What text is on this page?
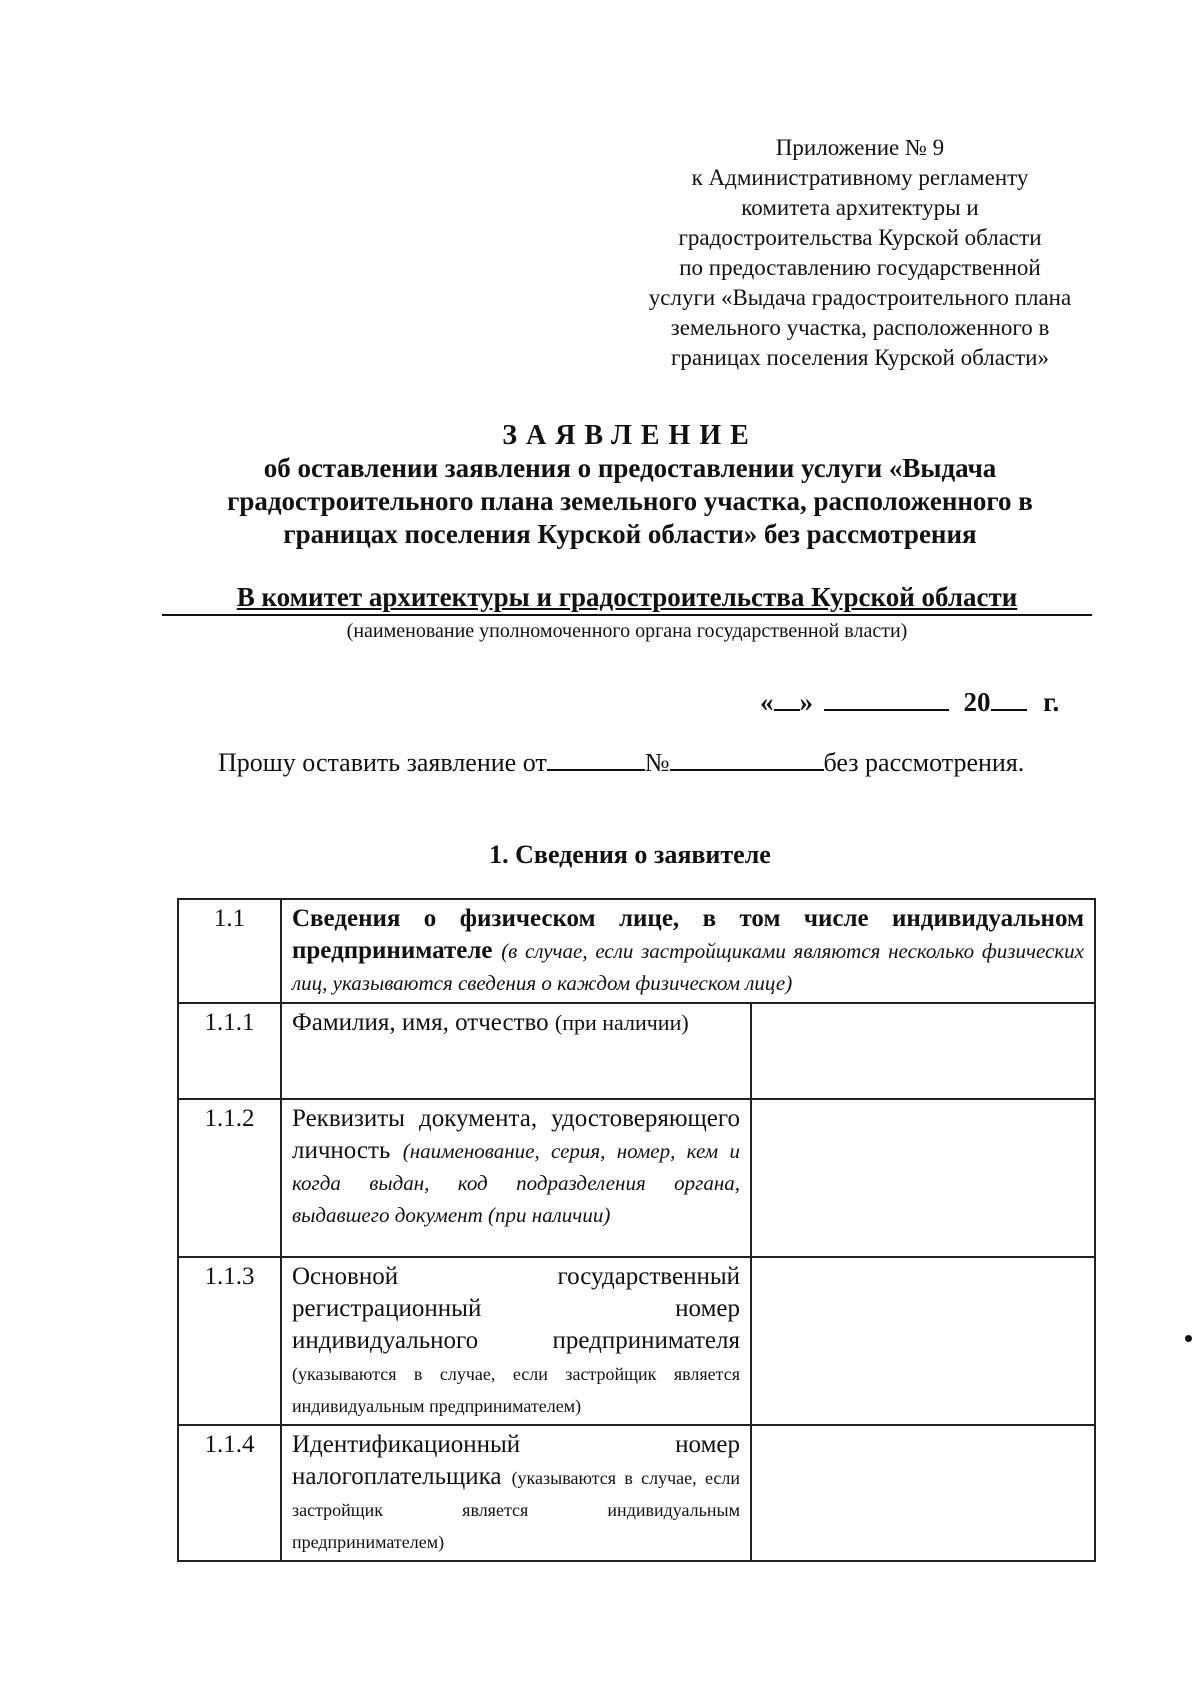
Приложение № 9
к Административному регламенту
комитета архитектуры и
градостроительства Курской области
по предоставлению государственной
услуги «Выдача градостроительного плана
земельного участка, расположенного в
границах поселения Курской области»
ЗАЯВЛЕНИЕ
об оставлении заявления о предоставлении услуги «Выдача
градостроительного плана земельного участка, расположенного в
границах поселения Курской области» без рассмотрения
В комитет архитектуры и градостроительства Курской области
(наименование уполномоченного органа государственной власти)
« »	20 г.
Прошу оставить заявление от	№	без рассмотрения.
1. Сведения о заявителе
1.1	Сведения о физическом лице, в том числе индивидуальном предпринимателе (в случае, если застройщиками являются несколько физических лиц, указываются сведения о каждом физическом лице)	
1.1.1	Фамилия, имя, отчество (при наличии)	
1.1.2	Реквизиты документа, удостоверяющего личность (наименование, серия, номер, кем и когда выдан, код подразделения органа, выдавшего документ (при наличии)	
1.1.3	Основной государственный регистрационный номер индивидуального предпринимателя (указываются в случае, если застройщик является индивидуальным предпринимателем)	
1.1.4	Идентификационный номер налогоплательщика (указываются в случае, если застройщик является индивидуальным предпринимателем)	
